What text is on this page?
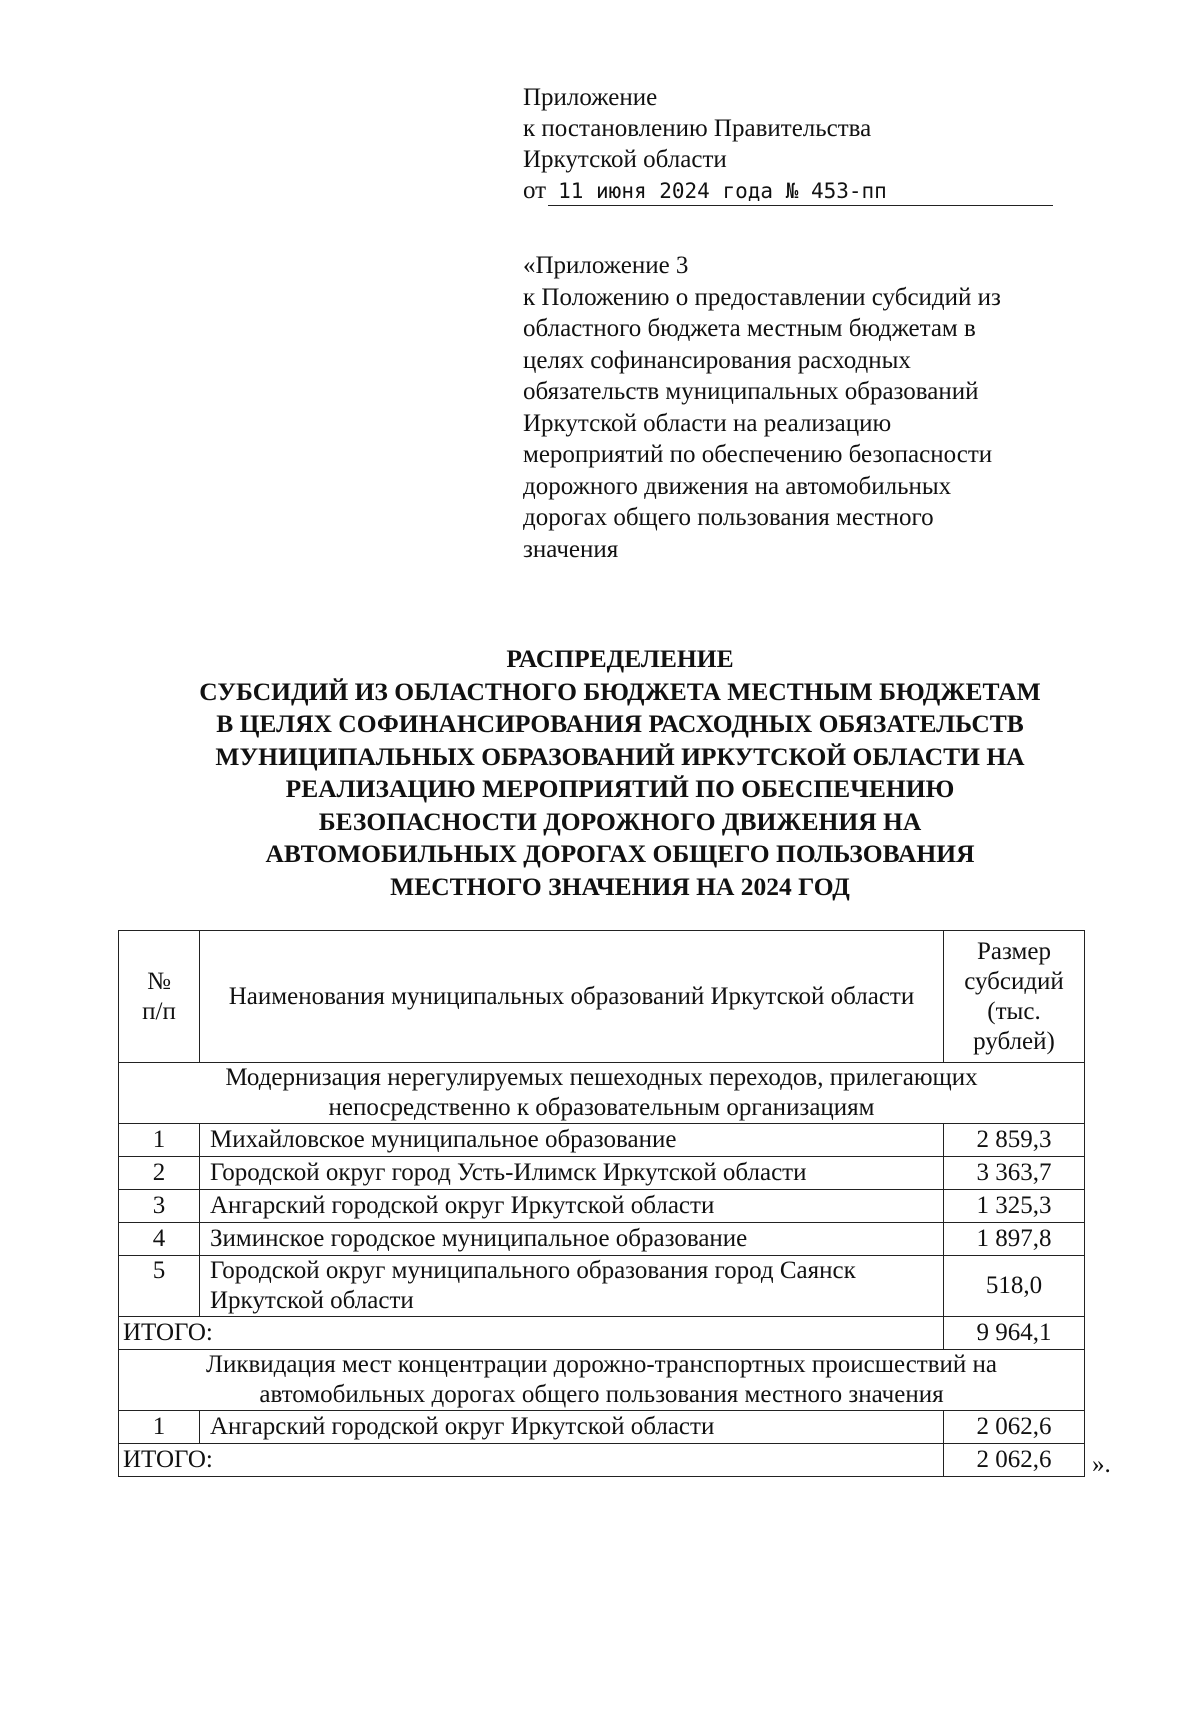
Приложение
к постановлению Правительства
Иркутской области
от 11 июня 2024 года № 453-пп
«Приложение 3
к Положению о предоставлении субсидий из
областного бюджета местным бюджетам в
целях софинансирования расходных
обязательств муниципальных образований
Иркутской области на реализацию
мероприятий по обеспечению безопасности
дорожного движения на автомобильных
дорогах общего пользования местного
значения
РАСПРЕДЕЛЕНИЕ
СУБСИДИЙ ИЗ ОБЛАСТНОГО БЮДЖЕТА МЕСТНЫМ БЮДЖЕТАМ
В ЦЕЛЯХ СОФИНАНСИРОВАНИЯ РАСХОДНЫХ ОБЯЗАТЕЛЬСТВ
МУНИЦИПАЛЬНЫХ ОБРАЗОВАНИЙ ИРКУТСКОЙ ОБЛАСТИ НА
РЕАЛИЗАЦИЮ МЕРОПРИЯТИЙ ПО ОБЕСПЕЧЕНИЮ
БЕЗОПАСНОСТИ ДОРОЖНОГО ДВИЖЕНИЯ НА
АВТОМОБИЛЬНЫХ ДОРОГАХ ОБЩЕГО ПОЛЬЗОВАНИЯ
МЕСТНОГО ЗНАЧЕНИЯ НА 2024 ГОД
№
п/п	Наименования муниципальных образований Иркутской области	Размер субсидий (тыс. рублей)
Модернизация нерегулируемых пешеходных переходов, прилегающих непосредственно к образовательным организациям		
1	Михайловское муниципальное образование	2 859,3
2	Городской округ город Усть-Илимск Иркутской области	3 363,7
3	Ангарский городской округ Иркутской области	1 325,3
4	Зиминское городское муниципальное образование	1 897,8
5	Городской округ муниципального образования город Саянск Иркутской области	518,0
ИТОГО:		9 964,1
Ликвидация мест концентрации дорожно-транспортных происшествий на автомобильных дорогах общего пользования местного значения		
1	Ангарский городской округ Иркутской области	2 062,6
ИТОГО:		2 062,6 ».
